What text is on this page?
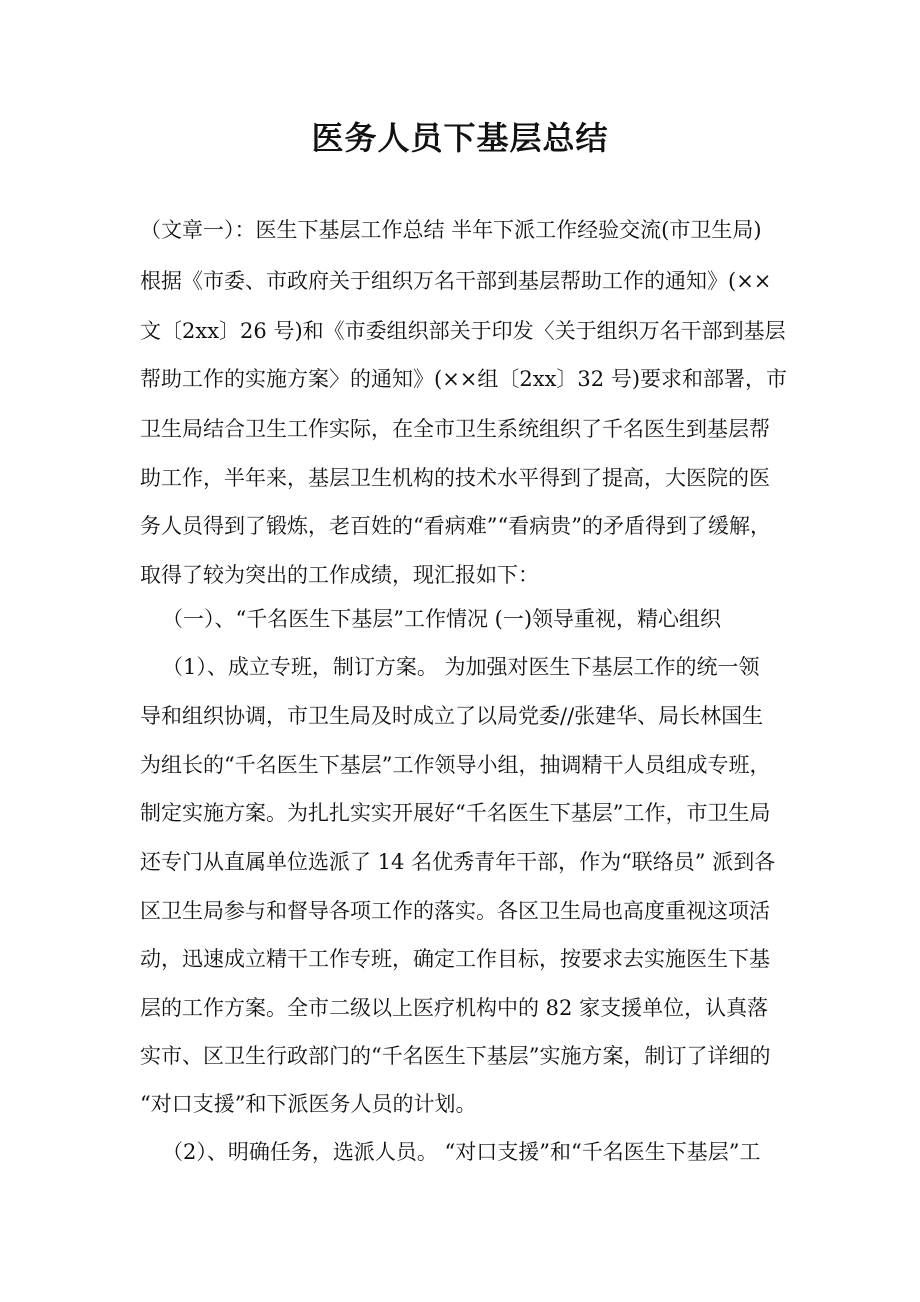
医务人员下基层总结
（文章一）：医生下基层工作总结 半年下派工作经验交流(市卫生局)
根据《市委、市政府关于组织万名干部到基层帮助工作的通知》(××
文〔2xx〕26 号)和《市委组织部关于印发〈关于组织万名干部到基层
帮助工作的实施方案〉的通知》(××组〔2xx〕32 号)要求和部署，市
卫生局结合卫生工作实际，在全市卫生系统组织了千名医生到基层帮
助工作，半年来，基层卫生机构的技术水平得到了提高，大医院的医
务人员得到了锻炼，老百姓的“看病难”“看病贵”的矛盾得到了缓解，
取得了较为突出的工作成绩，现汇报如下：
（一）、“千名医生下基层”工作情况 (一)领导重视，精心组织
（1）、成立专班，制订方案。 为加强对医生下基层工作的统一领
导和组织协调，市卫生局及时成立了以局党委//张建华、局长林国生
为组长的“千名医生下基层”工作领导小组，抽调精干人员组成专班，
制定实施方案。为扎扎实实开展好“千名医生下基层”工作，市卫生局
还专门从直属单位选派了 14 名优秀青年干部，作为“联络员” 派到各
区卫生局参与和督导各项工作的落实。各区卫生局也高度重视这项活
动，迅速成立精干工作专班，确定工作目标，按要求去实施医生下基
层的工作方案。全市二级以上医疗机构中的 82 家支援单位，认真落
实市、区卫生行政部门的“千名医生下基层”实施方案，制订了详细的
“对口支援”和下派医务人员的计划。
（2）、明确任务，选派人员。 “对口支援”和“千名医生下基层”工
